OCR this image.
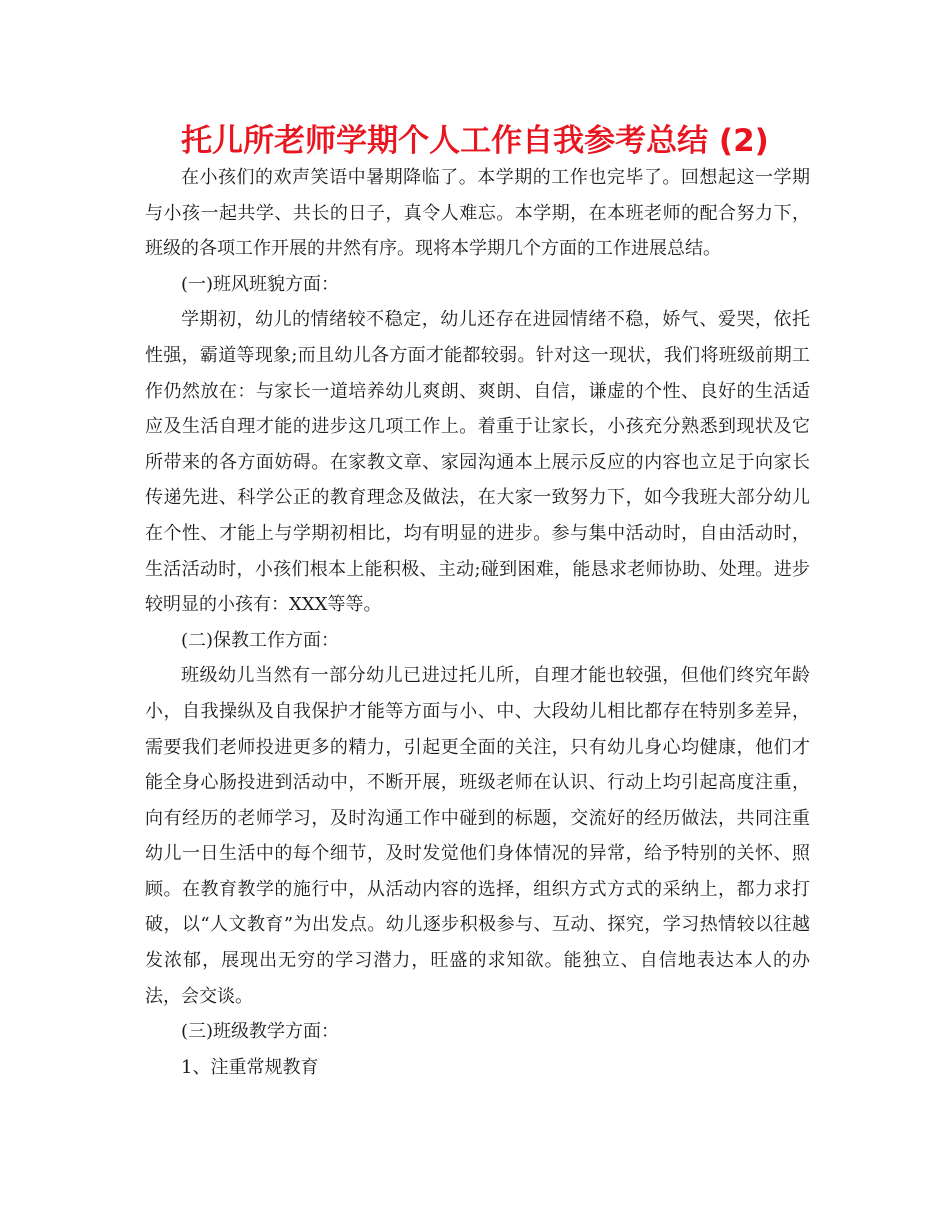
托儿所老师学期个人工作自我参考总结 (2)

在小孩们的欢声笑语中暑期降临了。本学期的工作也完毕了。回想起这一学期与小孩一起共学、共长的日子，真令人难忘。本学期，在本班老师的配合努力下，班级的各项工作开展的井然有序。现将本学期几个方面的工作进展总结。

(一)班风班貌方面：

学期初，幼儿的情绪较不稳定，幼儿还存在进园情绪不稳，娇气、爱哭，依托性强，霸道等现象;而且幼儿各方面才能都较弱。针对这一现状，我们将班级前期工作仍然放在：与家长一道培养幼儿爽朗、爽朗、自信，谦虚的个性、良好的生活适应及生活自理才能的进步这几项工作上。着重于让家长，小孩充分熟悉到现状及它所带来的各方面妨碍。在家教文章、家园沟通本上展示反应的内容也立足于向家长传递先进、科学公正的教育理念及做法，在大家一致努力下，如今我班大部分幼儿在个性、才能上与学期初相比，均有明显的进步。参与集中活动时，自由活动时，生活活动时，小孩们根本上能积极、主动;碰到困难，能恳求老师协助、处理。进步较明显的小孩有：XXX等等。

(二)保教工作方面：

班级幼儿当然有一部分幼儿已进过托儿所，自理才能也较强，但他们终究年龄小，自我操纵及自我保护才能等方面与小、中、大段幼儿相比都存在特别多差异，需要我们老师投进更多的精力，引起更全面的关注，只有幼儿身心均健康，他们才能全身心肠投进到活动中，不断开展，班级老师在认识、行动上均引起高度注重，向有经历的老师学习，及时沟通工作中碰到的标题，交流好的经历做法，共同注重幼儿一日生活中的每个细节，及时发觉他们身体情况的异常，给予特别的关怀、照顾。在教育教学的施行中，从活动内容的选择，组织方式方式的采纳上，都力求打破，以“人文教育”为出发点。幼儿逐步积极参与、互动、探究，学习热情较以往越发浓郁，展现出无穷的学习潜力，旺盛的求知欲。能独立、自信地表达本人的办法，会交谈。

(三)班级教学方面：

1、注重常规教育
